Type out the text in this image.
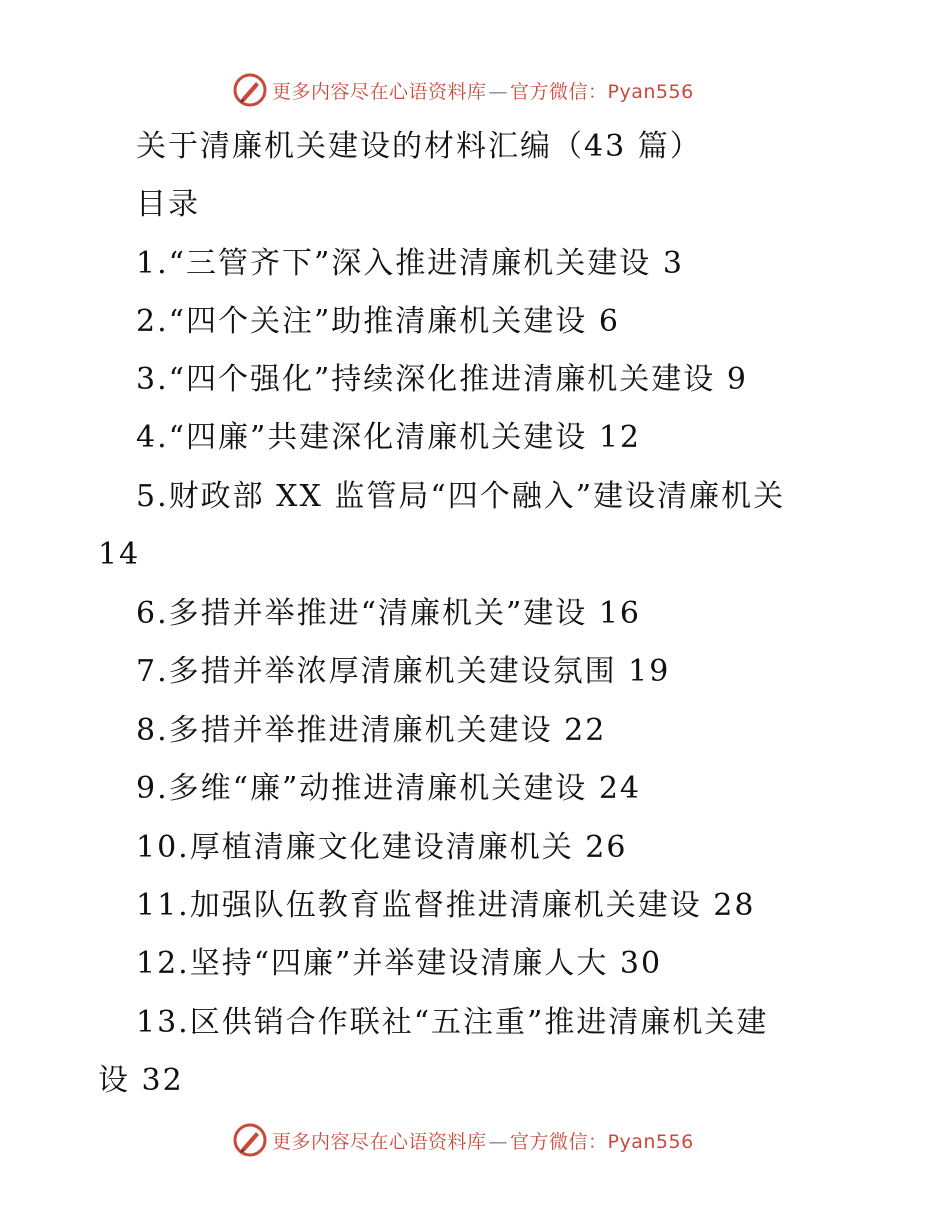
更多内容尽在心语资料库 — 官方微信：Pyan556
关于清廉机关建设的材料汇编（43 篇）
目录
1.“三管齐下”深入推进清廉机关建设 3
2.“四个关注”助推清廉机关建设 6
3.“四个强化”持续深化推进清廉机关建设 9
4.“四廉”共建深化清廉机关建设 12
5.财政部 XX 监管局“四个融入”建设清廉机关
14
6.多措并举推进“清廉机关”建设 16
7.多措并举浓厚清廉机关建设氛围 19
8.多措并举推进清廉机关建设 22
9.多维“廉”动推进清廉机关建设 24
10.厚植清廉文化建设清廉机关 26
11.加强队伍教育监督推进清廉机关建设 28
12.坚持“四廉”并举建设清廉人大 30
13.区供销合作联社“五注重”推进清廉机关建
设 32
更多内容尽在心语资料库 — 官方微信：Pyan556
